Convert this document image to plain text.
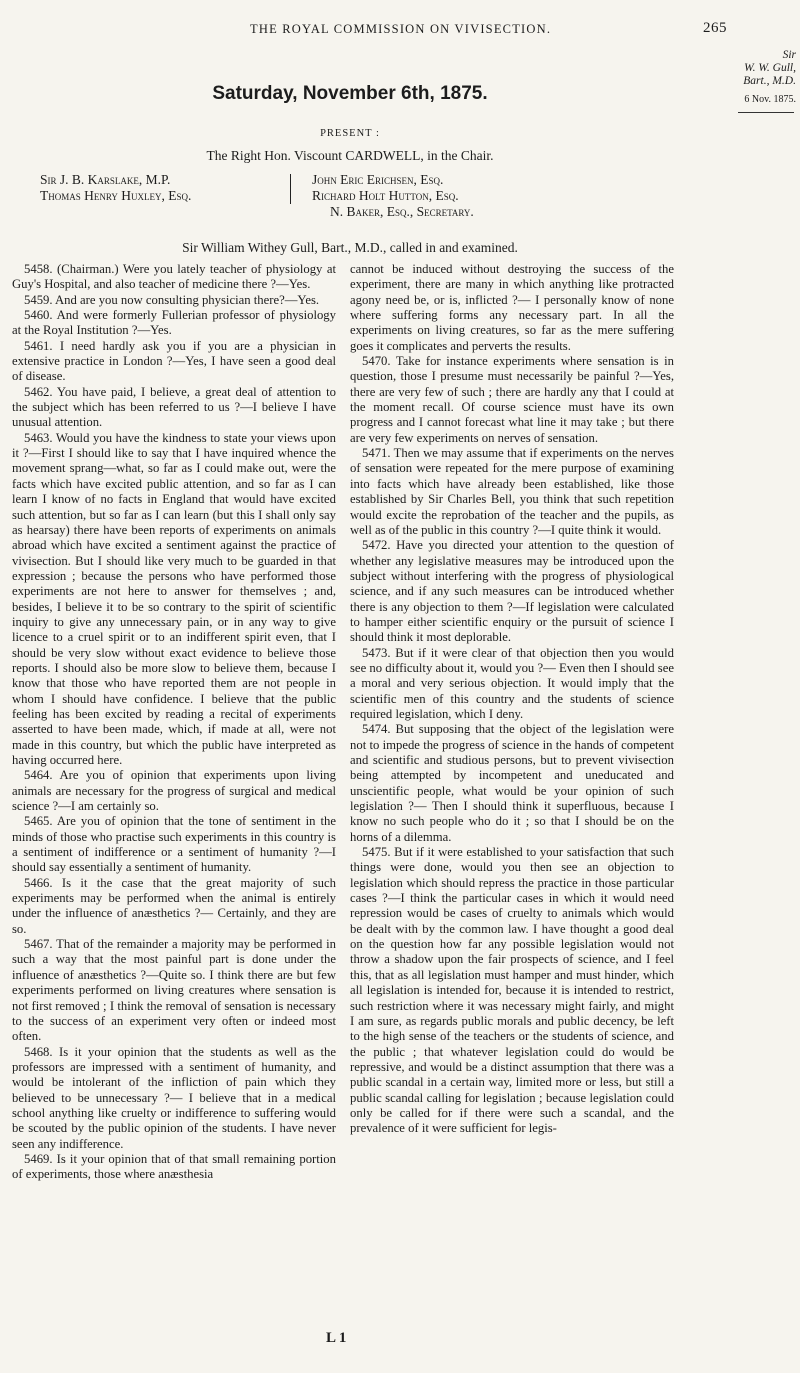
THE ROYAL COMMISSION ON VIVISECTION.	265
Sir
W. W. Gull,
Bart., M.D.
6 Nov. 1875.
Saturday, November 6th, 1875.
PRESENT :
The Right Hon. Viscount CARDWELL, in the Chair.
Sir J. B. Karslake, M.P.
Thomas Henry Huxley, Esq.
John Eric Erichsen, Esq.
Richard Holt Hutton, Esq.
N. Baker, Esq., Secretary.
Sir William Withey Gull, Bart., M.D., called in and examined.

5458. (Chairman.) Were you lately teacher of physiology at Guy's Hospital, and also teacher of medicine there ?—Yes.

5459. And are you now consulting physician there?—Yes.

5460. And were formerly Fullerian professor of physiology at the Royal Institution ?—Yes.

5461. I need hardly ask you if you are a physician in extensive practice in London ?—Yes, I have seen a good deal of disease.

5462. You have paid, I believe, a great deal of attention to the subject which has been referred to us ?—I believe I have unusual attention.

5463. Would you have the kindness to state your views upon it ?—First I should like to say that I have inquired whence the movement sprang—what, so far as I could make out, were the facts which have excited public attention, and so far as I can learn I know of no facts in England that would have excited such attention, but so far as I can learn (but this I shall only say as hearsay) there have been reports of experiments on animals abroad which have excited a sentiment against the practice of vivisection. But I should like very much to be guarded in that expression ; because the persons who have performed those experiments are not here to answer for themselves ; and, besides, I believe it to be so contrary to the spirit of scientific inquiry to give any unnecessary pain, or in any way to give licence to a cruel spirit or to an indifferent spirit even, that I should be very slow without exact evidence to believe those reports. I should also be more slow to believe them, because I know that those who have reported them are not people in whom I should have confidence. I believe that the public feeling has been excited by reading a recital of experiments asserted to have been made, which, if made at all, were not made in this country, but which the public have interpreted as having occurred here.

5464. Are you of opinion that experiments upon living animals are necessary for the progress of surgical and medical science ?—I am certainly so.

5465. Are you of opinion that the tone of sentiment in the minds of those who practise such experiments in this country is a sentiment of indifference or a sentiment of humanity ?—I should say essentially a sentiment of humanity.

5466. Is it the case that the great majority of such experiments may be performed when the animal is entirely under the influence of anæsthetics ?— Certainly, and they are so.

5467. That of the remainder a majority may be performed in such a way that the most painful part is done under the influence of anæsthetics ?—Quite so. I think there are but few experiments performed on living creatures where sensation is not first removed ; I think the removal of sensation is necessary to the success of an experiment very often or indeed most often.

5468. Is it your opinion that the students as well as the professors are impressed with a sentiment of humanity, and would be intolerant of the infliction of pain which they believed to be unnecessary ?— I believe that in a medical school anything like cruelty or indifference to suffering would be scouted by the public opinion of the students. I have never seen any indifference.

5469. Is it your opinion that of that small remaining portion of experiments, those where anæsthesia

cannot be induced without destroying the success of the experiment, there are many in which anything like protracted agony need be, or is, inflicted ?— I personally know of none where suffering forms any necessary part. In all the experiments on living creatures, so far as the mere suffering goes it complicates and perverts the results.

5470. Take for instance experiments where sensation is in question, those I presume must necessarily be painful ?—Yes, there are very few of such ; there are hardly any that I could at the moment recall. Of course science must have its own progress and I cannot forecast what line it may take ; but there are very few experiments on nerves of sensation.

5471. Then we may assume that if experiments on the nerves of sensation were repeated for the mere purpose of examining into facts which have already been established, like those established by Sir Charles Bell, you think that such repetition would excite the reprobation of the teacher and the pupils, as well as of the public in this country ?—I quite think it would.

5472. Have you directed your attention to the question of whether any legislative measures may be introduced upon the subject without interfering with the progress of physiological science, and if any such measures can be introduced whether there is any objection to them ?—If legislation were calculated to hamper either scientific enquiry or the pursuit of science I should think it most deplorable.

5473. But if it were clear of that objection then you would see no difficulty about it, would you ?— Even then I should see a moral and very serious objection. It would imply that the scientific men of this country and the students of science required legislation, which I deny.

5474. But supposing that the object of the legislation were not to impede the progress of science in the hands of competent and scientific and studious persons, but to prevent vivisection being attempted by incompetent and uneducated and unscientific people, what would be your opinion of such legislation ?— Then I should think it superfluous, because I know no such people who do it ; so that I should be on the horns of a dilemma.

5475. But if it were established to your satisfaction that such things were done, would you then see an objection to legislation which should repress the practice in those particular cases ?—I think the particular cases in which it would need repression would be cases of cruelty to animals which would be dealt with by the common law. I have thought a good deal on the question how far any possible legislation would not throw a shadow upon the fair prospects of science, and I feel this, that as all legislation must hamper and must hinder, which all legislation is intended for, because it is intended to restrict, such restriction where it was necessary might fairly, and might I am sure, as regards public morals and public decency, be left to the high sense of the teachers or the students of science, and the public ; that whatever legislation could do would be repressive, and would be a distinct assumption that there was a public scandal in a certain way, limited more or less, but still a public scandal calling for legislation ; because legislation could only be called for if there were such a scandal, and the prevalence of it were sufficient for legis-

L 1
